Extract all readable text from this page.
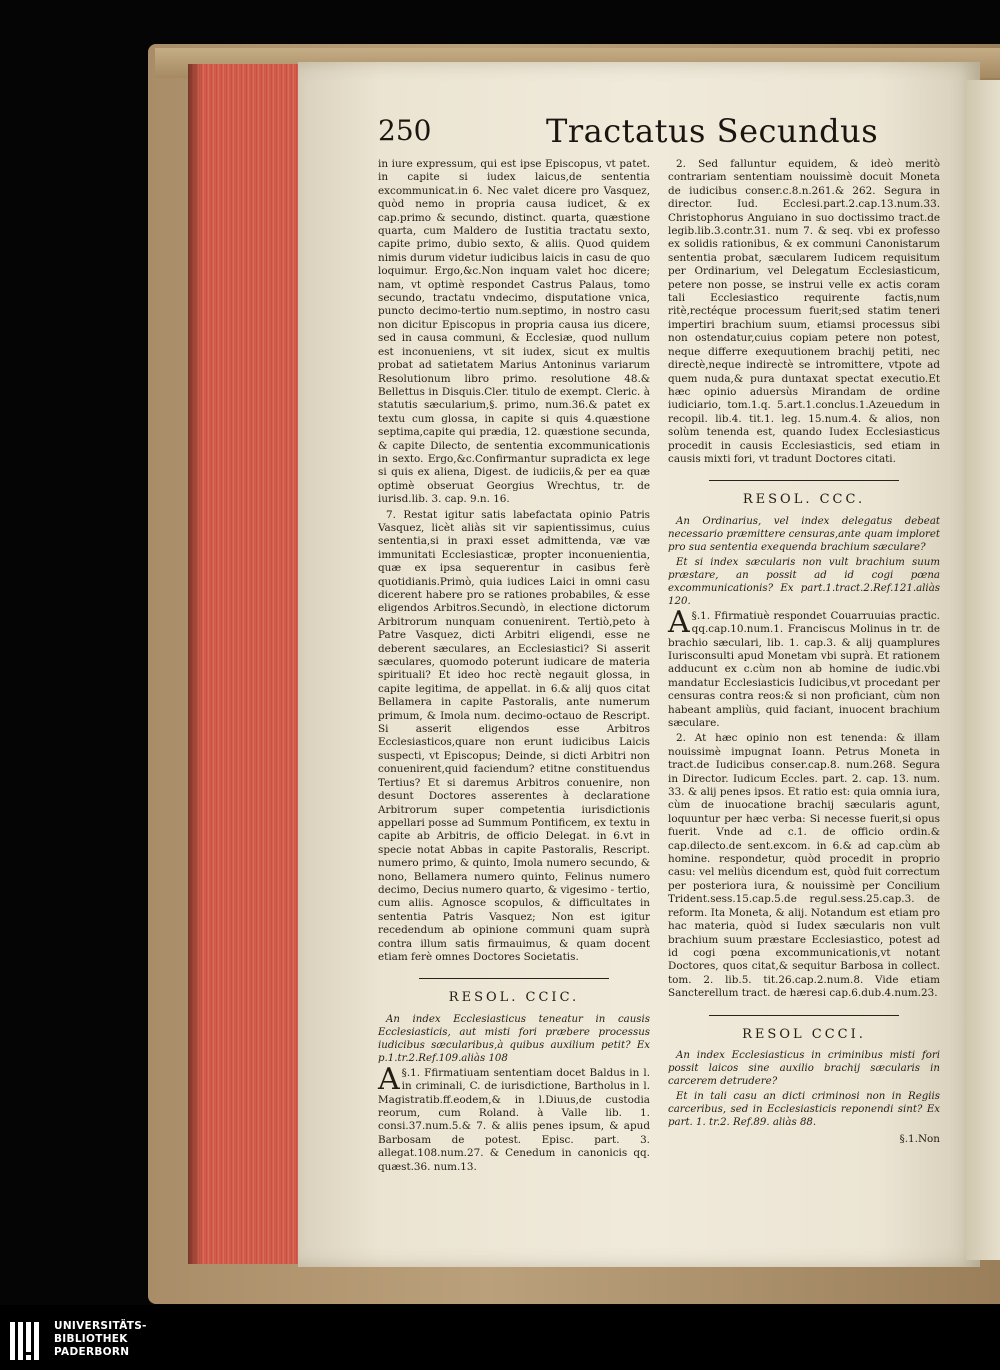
250	Tractatus Secundus

in iure expressum, qui est ipse Episcopus, vt patet. in capite si iudex laicus,de sententia excommunicat.in 6. Nec valet dicere pro Vasquez, quòd nemo in propria causa iudicet, & ex cap.primo & secundo, distinct. quarta, quæstione quarta, cum Maldero de Iustitia tractatu sexto, capite primo, dubio sexto, & aliis. Quod quidem nimis durum videtur iudicibus laicis in casu de quo loquimur. Ergo,&c.Non inquam valet hoc dicere; nam, vt optimè respondet Castrus Palaus, tomo secundo, tractatu vndecimo, disputatione vnica, puncto decimo-tertio num.septimo, in nostro casu non dicitur Episcopus in propria causa ius dicere, sed in causa communi, & Ecclesiæ, quod nullum est inconueniens, vt sit iudex, sicut ex multis probat ad satietatem Marius Antoninus variarum Resolutionum libro primo. resolutione 48.& Bellettus in Disquis.Cler. titulo de exempt. Cleric. à statutis sæcularium,§. primo, num.36.& patet ex textu cum glossa, in capite si quis 4.quæstione septima,capite qui prædia, 12. quæstione secunda, & capite Dilecto, de sententia excommunicationis in sexto. Ergo,&c.Confirmantur supradicta ex lege si quis ex aliena, Digest. de iudiciis,& per ea quæ optimè obseruat Georgius Wrechtus, tr. de iurisd.lib. 3. cap. 9.n. 16.

7. Restat igitur satis labefactata opinio Patris Vasquez, licèt aliàs sit vir sapientissimus, cuius sententia,si in praxi esset admittenda, væ væ immunitati Ecclesiasticæ, propter inconuenientia, quæ ex ipsa sequerentur in casibus ferè quotidianis.Primò, quia iudices Laici in omni casu dicerent habere pro se rationes probabiles, & esse eligendos Arbitros.Secundò, in electione dictorum Arbitrorum nunquam conuenirent. Tertiò,peto à Patre Vasquez, dicti Arbitri eligendi, esse ne deberent sæculares, an Ecclesiastici? Si asserit sæculares, quomodo poterunt iudicare de materia spirituali? Et ideo hoc rectè negauit glossa, in capite legitima, de appellat. in 6.& alij quos citat Bellamera in capite Pastoralis, ante numerum primum, & Imola num. decimo-octauo de Rescript. Si asserit eligendos esse Arbitros Ecclesiasticos,quare non erunt iudicibus Laicis suspecti, vt Episcopus; Deinde, si dicti Arbitri non conuenirent,quid faciendum? etitne constituendus Tertius? Et si daremus Arbitros conuenire, non desunt Doctores asserentes à declaratione Arbitrorum super competentia iurisdictionis appellari posse ad Summum Pontificem, ex textu in capite ab Arbitris, de officio Delegat. in 6.vt in specie notat Abbas in capite Pastoralis, Rescript. numero primo, & quinto, Imola numero secundo, & nono, Bellamera numero quinto, Felinus numero decimo, Decius numero quarto, & vigesimo - tertio, cum aliis. Agnosce scopulos, & difficultates in sententia Patris Vasquez; Non est igitur recedendum ab opinione communi quam suprà contra illum satis firmauimus, & quam docent etiam ferè omnes Doctores Societatis.

RESOL. CCIC.

An index Ecclesiasticus teneatur in causis Ecclesiasticis, aut misti fori præbere processus iudicibus sæcularibus,à quibus auxilium petit? Ex p.1.tr.2.Ref.109.aliàs 108

§.1.
A Ffirmatiuam sententiam docet Baldus in l. in criminali, C. de iurisdictione, Bartholus in l. Magistratib.ff.eodem,& in l.Diuus,de custodia reorum, cum Roland. à Valle lib. 1. consi.37.num.5.& 7. & aliis penes ipsum, & apud Barbosam de potest. Episc. part. 3. allegat.108.num.27. & Cenedum in canonicis qq. quæst.36. num.13.

2. Sed falluntur equidem, & ideò meritò contrariam sententiam nouissimè docuit Moneta de iudicibus conser.c.8.n.261.& 262. Segura in director. Iud. Ecclesi.part.2.cap.13.num.33. Christophorus Anguiano in suo doctissimo tract.de legib.lib.3.contr.31. num 7. & seq. vbi ex professo ex solidis rationibus, & ex communi Canonistarum sententia probat, sæcularem Iudicem requisitum per Ordinarium, vel Delegatum Ecclesiasticum, petere non posse, se instrui velle ex actis coram tali Ecclesiastico requirente factis,num ritè,rectéque processum fuerit;sed statim teneri impertiri brachium suum, etiamsi processus sibi non ostendatur,cuius copiam petere non potest, neque differre exequutionem brachij petiti, nec directè,neque indirectè se intromittere, vtpote ad quem nuda,& pura duntaxat spectat executio.Et hæc opinio aduersùs Mirandam de ordine iudiciario, tom.1.q. 5.art.1.conclus.1.Azeuedum in recopil. lib.4. tit.1. leg. 15.num.4. & alios, non solùm tenenda est, quando Iudex Ecclesiasticus procedit in causis Ecclesiasticis, sed etiam in causis mixti fori, vt tradunt Doctores citati.

RESOL. CCC.

An Ordinarius, vel index delegatus debeat necessario præmittere censuras,ante quam imploret pro sua sententia exequenda brachium sæculare?

Et si index sæcularis non vult brachium suum præstare, an possit ad id cogi pœna excommunicationis? Ex part.1.tract.2.Ref.121.aliàs 120.

§.1.
A Ffirmatiuè respondet Couarruuias practic. qq.cap.10.num.1. Franciscus Molinus in tr. de brachio sæculari, lib. 1. cap.3. & alij quamplures Iurisconsulti apud Monetam vbi suprà. Et rationem adducunt ex c.cùm non ab homine de iudic.vbi mandatur Ecclesiasticis Iudicibus,vt procedant per censuras contra reos:& si non proficiant, cùm non habeant ampliùs, quid faciant, inuocent brachium sæculare.

2. At hæc opinio non est tenenda: & illam nouissimè impugnat Ioann. Petrus Moneta in tract.de Iudicibus conser.cap.8. num.268. Segura in Director. Iudicum Eccles. part. 2. cap. 13. num. 33. & alij penes ipsos. Et ratio est: quia omnia iura, cùm de inuocatione brachij sæcularis agunt, loquuntur per hæc verba: Si necesse fuerit,si opus fuerit. Vnde ad c.1. de officio ordin.& cap.dilecto.de sent.excom. in 6.& ad cap.cùm ab homine. respondetur, quòd procedit in proprio casu: vel meliùs dicendum est, quòd fuit correctum per posteriora iura, & nouissimè per Concilium Trident.sess.15.cap.5.de regul.sess.25.cap.3. de reform. Ita Moneta, & alij. Notandum est etiam pro hac materia, quòd si Iudex sæcularis non vult brachium suum præstare Ecclesiastico, potest ad id cogi pœna excommunicationis,vt notant Doctores, quos citat,& sequitur Barbosa in collect. tom. 2. lib.5. tit.26.cap.2.num.8. Vide etiam Sancterellum tract. de hæresi cap.6.dub.4.num.23.

RESOL CCCI.

An index Ecclesiasticus in criminibus misti fori possit laicos sine auxilio brachij sæcularis in carcerem detrudere?

Et in tali casu an dicti criminosi non in Regiis carceribus, sed in Ecclesiasticis reponendi sint? Ex part. 1. tr.2. Ref.89. aliàs 88.

§.1.Non
UNIVERSITÄTS-
BIBLIOTHEK
PADERBORN
